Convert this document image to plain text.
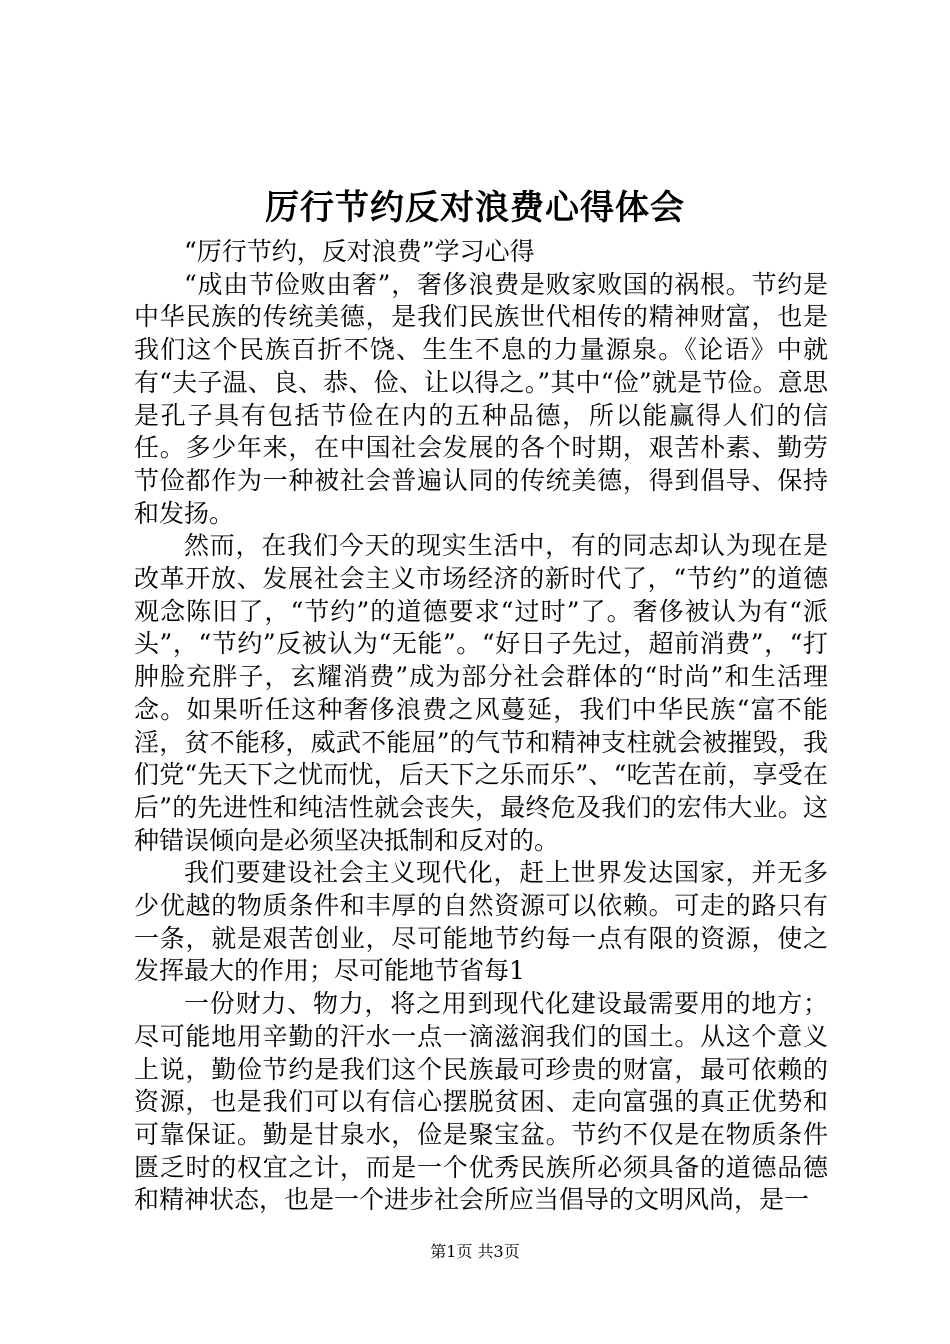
厉行节约反对浪费心得体会

“厉行节约，反对浪费”学习心得

“成由节俭败由奢”，奢侈浪费是败家败国的祸根。节约是中华民族的传统美德，是我们民族世代相传的精神财富，也是我们这个民族百折不饶、生生不息的力量源泉。《论语》中就有“夫子温、良、恭、俭、让以得之。”其中“俭”就是节俭。意思是孔子具有包括节俭在内的五种品德，所以能赢得人们的信任。多少年来，在中国社会发展的各个时期，艰苦朴素、勤劳节俭都作为一种被社会普遍认同的传统美德，得到倡导、保持和发扬。

然而，在我们今天的现实生活中，有的同志却认为现在是改革开放、发展社会主义市场经济的新时代了，“节约”的道德观念陈旧了，“节约”的道德要求“过时”了。奢侈被认为有“派头”，“节约”反被认为“无能”。“好日子先过，超前消费”，“打肿脸充胖子，玄耀消费”成为部分社会群体的“时尚”和生活理念。如果听任这种奢侈浪费之风蔓延，我们中华民族“富不能淫，贫不能移，威武不能屈”的气节和精神支柱就会被摧毁，我们党“先天下之忧而忧，后天下之乐而乐”、“吃苦在前，享受在后”的先进性和纯洁性就会丧失，最终危及我们的宏伟大业。这种错误倾向是必须坚决抵制和反对的。

我们要建设社会主义现代化，赶上世界发达国家，并无多少优越的物质条件和丰厚的自然资源可以依赖。可走的路只有一条，就是艰苦创业，尽可能地节约每一点有限的资源，使之发挥最大的作用；尽可能地节省每1

一份财力、物力，将之用到现代化建设最需要用的地方；尽可能地用辛勤的汗水一点一滴滋润我们的国土。从这个意义上说，勤俭节约是我们这个民族最可珍贵的财富，最可依赖的资源，也是我们可以有信心摆脱贫困、走向富强的真正优势和可靠保证。勤是甘泉水，俭是聚宝盆。节约不仅是在物质条件匮乏时的权宜之计，而是一个优秀民族所必须具备的道德品德和精神状态，也是一个进步社会所应当倡导的文明风尚，是一

第1页 共3页
